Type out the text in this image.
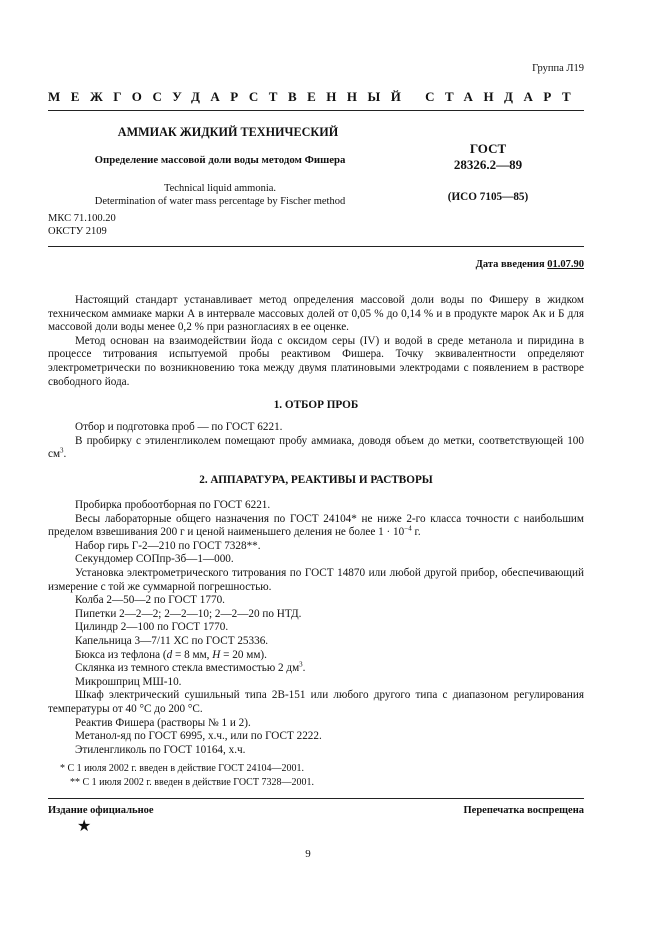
Группа Л19
МЕЖГОСУДАРСТВЕННЫЙ СТАНДАРТ
АММИАК ЖИДКИЙ ТЕХНИЧЕСКИЙ
Определение массовой доли воды методом Фишера
Technical liquid ammonia.
Determination of water mass percentage by Fischer method
ГОСТ
28326.2—89
(ИСО 7105—85)
МКС 71.100.20
ОКСТУ 2109
Дата введения 01.07.90

Настоящий стандарт устанавливает метод определения массовой доли воды по Фишеру в жидком техническом аммиаке марки А в интервале массовых долей от 0,05 % до 0,14 % и в продукте марок Ак и Б для массовой доли воды менее 0,2 % при разногласиях в ее оценке.

Метод основан на взаимодействии йода с оксидом серы (IV) и водой в среде метанола и пиридина в процессе титрования испытуемой пробы реактивом Фишера. Точку эквивалентности определяют электрометрически по возникновению тока между двумя платиновыми электродами с появлением в растворе свободного йода.

1. ОТБОР ПРОБ

Отбор и подготовка проб — по ГОСТ 6221.

В пробирку с этиленгликолем помещают пробу аммиака, доводя объем до метки, соответствующей 100 $см^3$.

2. АППАРАТУРА, РЕАКТИВЫ И РАСТВОРЫ

Пробирка пробоотборная по ГОСТ 6221.

Весы лабораторные общего назначения по ГОСТ 24104* не ниже 2-го класса точности с наибольшим пределом взвешивания 200 г и ценой наименьшего деления не более $1 \cdot 10^{-4}$ г.

Набор гирь Г-2—210 по ГОСТ 7328**.

Секундомер СОПпр-3б—1—000.

Установка электрометрического титрования по ГОСТ 14870 или любой другой прибор, обеспечивающий измерение с той же суммарной погрешностью.

Колба 2—50—2 по ГОСТ 1770.

Пипетки 2—2—2; 2—2—10; 2—2—20 по НТД.

Цилиндр 2—100 по ГОСТ 1770.

Капельница 3—7/11 ХС по ГОСТ 25336.

Бюкса из тефлона (d = 8 мм, H = 20 мм).

Склянка из темного стекла вместимостью 2 $дм^3$.

Микрошприц МШ-10.

Шкаф электрический сушильный типа 2В-151 или любого другого типа с диапазоном регулирования температуры от 40 °С до 200 °С.

Реактив Фишера (растворы № 1 и 2).

Метанол-яд по ГОСТ 6995, х.ч., или по ГОСТ 2222.

Этиленгликоль по ГОСТ 10164, х.ч.

* С 1 июля 2002 г. введен в действие ГОСТ 24104—2001.

** С 1 июля 2002 г. введен в действие ГОСТ 7328—2001.

Издание официальное	Перепечатка воспрещена
★
9
